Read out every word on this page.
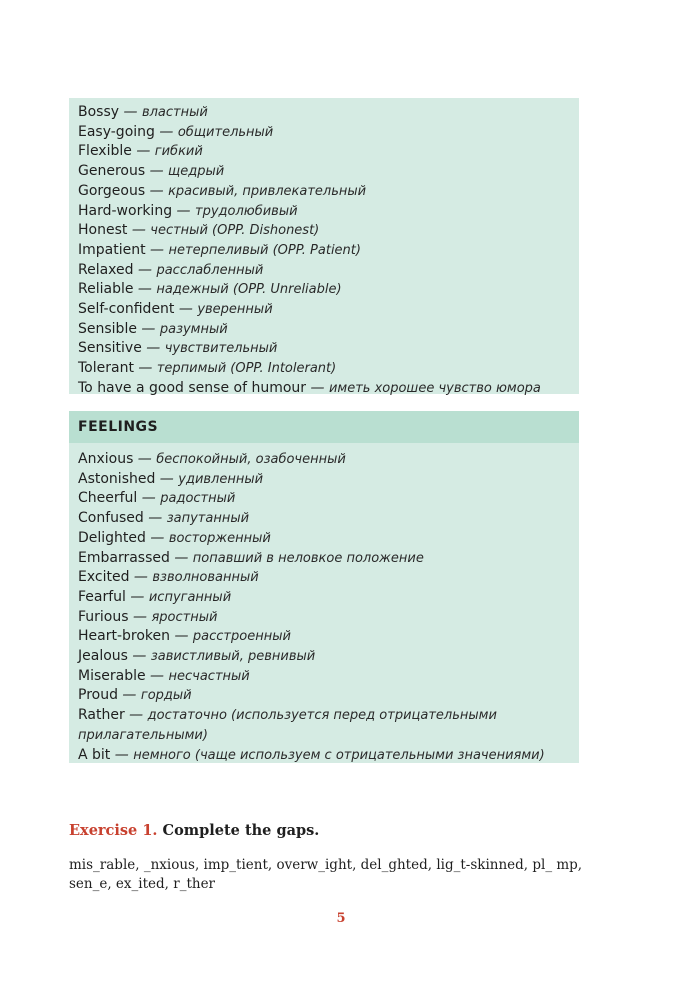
Bossy — властный
Easy-going — общительный
Flexible — гибкий
Generous — щедрый
Gorgeous — красивый, привлекательный
Hard-working — трудолюбивый
Honest — честный (OPP. Dishonest)
Impatient — нетерпеливый (OPP. Patient)
Relaxed — расслабленный
Reliable — надежный (OPP. Unreliable)
Self-confident — уверенный
Sensible — разумный
Sensitive — чувствительный
Tolerant — терпимый (OPP. Intolerant)
To have a good sense of humour — иметь хорошее чувство юмора
FEELINGS
Anxious — беспокойный, озабоченный
Astonished — удивленный
Cheerful — радостный
Confused — запутанный
Delighted — восторженный
Embarrassed — попавший в неловкое положение
Excited — взволнованный
Fearful — испуганный
Furious — яростный
Heart-broken — расстроенный
Jealous — завистливый, ревнивый
Miserable — несчастный
Proud — гордый
Rather — достаточно (используется перед отрицательными прилагательными)
A bit — немного (чаще используем с отрицательными значениями)
Exercise 1. Complete the gaps.
mis_rable, _nxious, imp_tient, overw_ight, del_ghted, lig_t-skinned, pl_ mp, sen_e, ex_ited, r_ther
5
